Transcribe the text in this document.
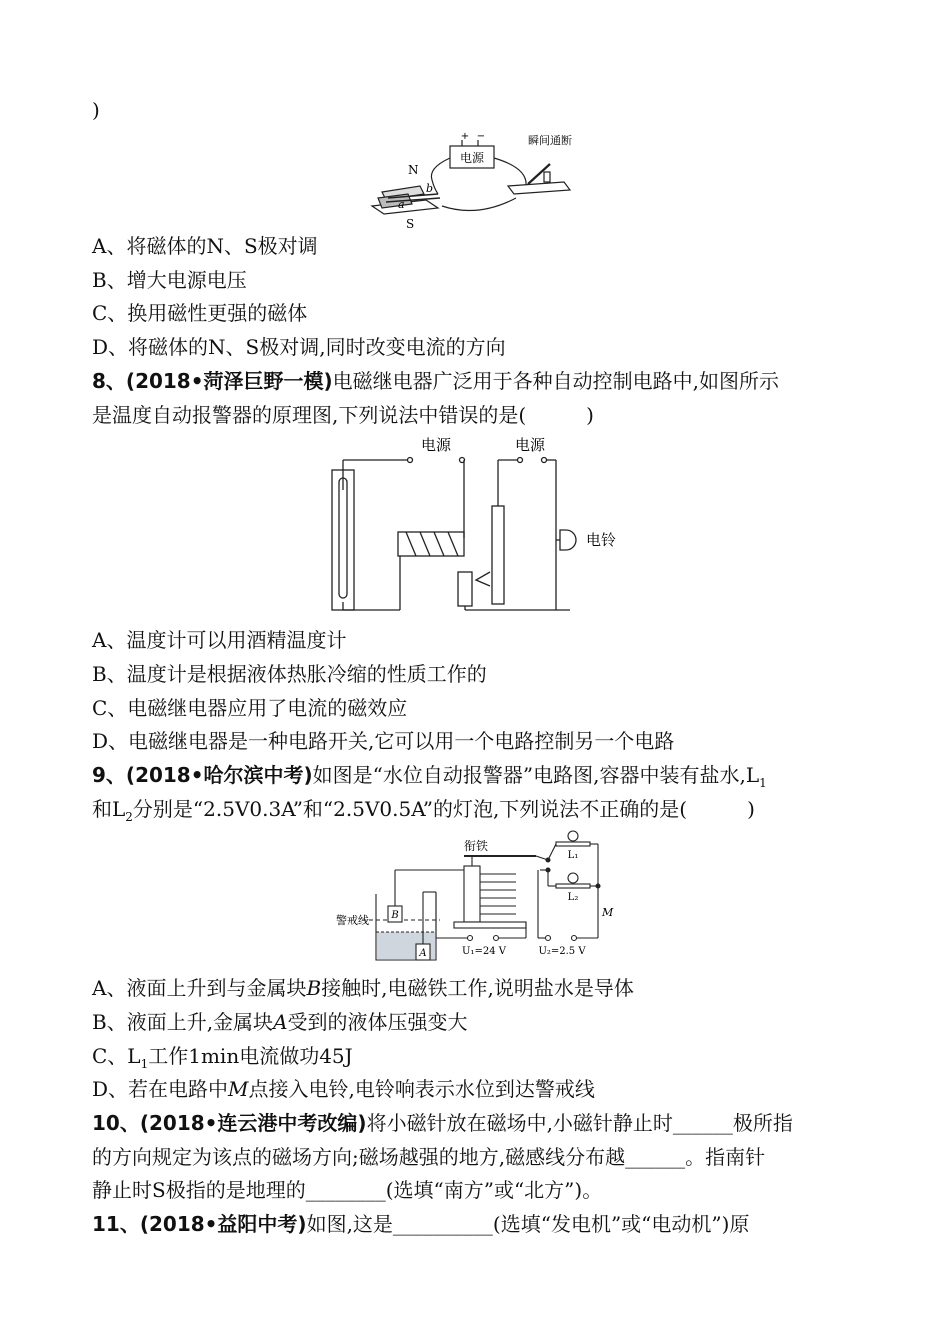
)
+ −
电源
瞬间通断
N
S
a
b
A、将磁体的N、S极对调
B、增大电源电压
C、换用磁性更强的磁体
D、将磁体的N、S极对调,同时改变电流的方向
8、(2018•菏泽巨野一模)电磁继电器广泛用于各种自动控制电路中,如图所示
是温度自动报警器的原理图,下列说法中错误的是(　　　)
电源	电源
电铃
A、温度计可以用酒精温度计
B、温度计是根据液体热胀冷缩的性质工作的
C、电磁继电器应用了电流的磁效应
D、电磁继电器是一种电路开关,它可以用一个电路控制另一个电路
9、(2018•哈尔滨中考)如图是“水位自动报警器”电路图,容器中装有盐水$,L_1$
和$L_2$分别是“2.5V0.3A”和“2.5V0.5A”的灯泡,下列说法不正确的是(　　　)
衔铁
警戒线 B
A
L₁
L₂
M
U₁=24 V	U₂=2.5 V
A、液面上升到与金属块B接触时,电磁铁工作,说明盐水是导体
B、液面上升,金属块A受到的液体压强变大
C、$L_1$工作1min电流做功45J
D、若在电路中M点接入电铃,电铃响表示水位到达警戒线
10、(2018•连云港中考改编)将小磁针放在磁场中,小磁针静止时______极所指
的方向规定为该点的磁场方向;磁场越强的地方,磁感线分布越______。指南针
静止时S极指的是地理的________(选填“南方”或“北方”)。
11、(2018•益阳中考)如图,这是__________(选填“发电机”或“电动机”)原
